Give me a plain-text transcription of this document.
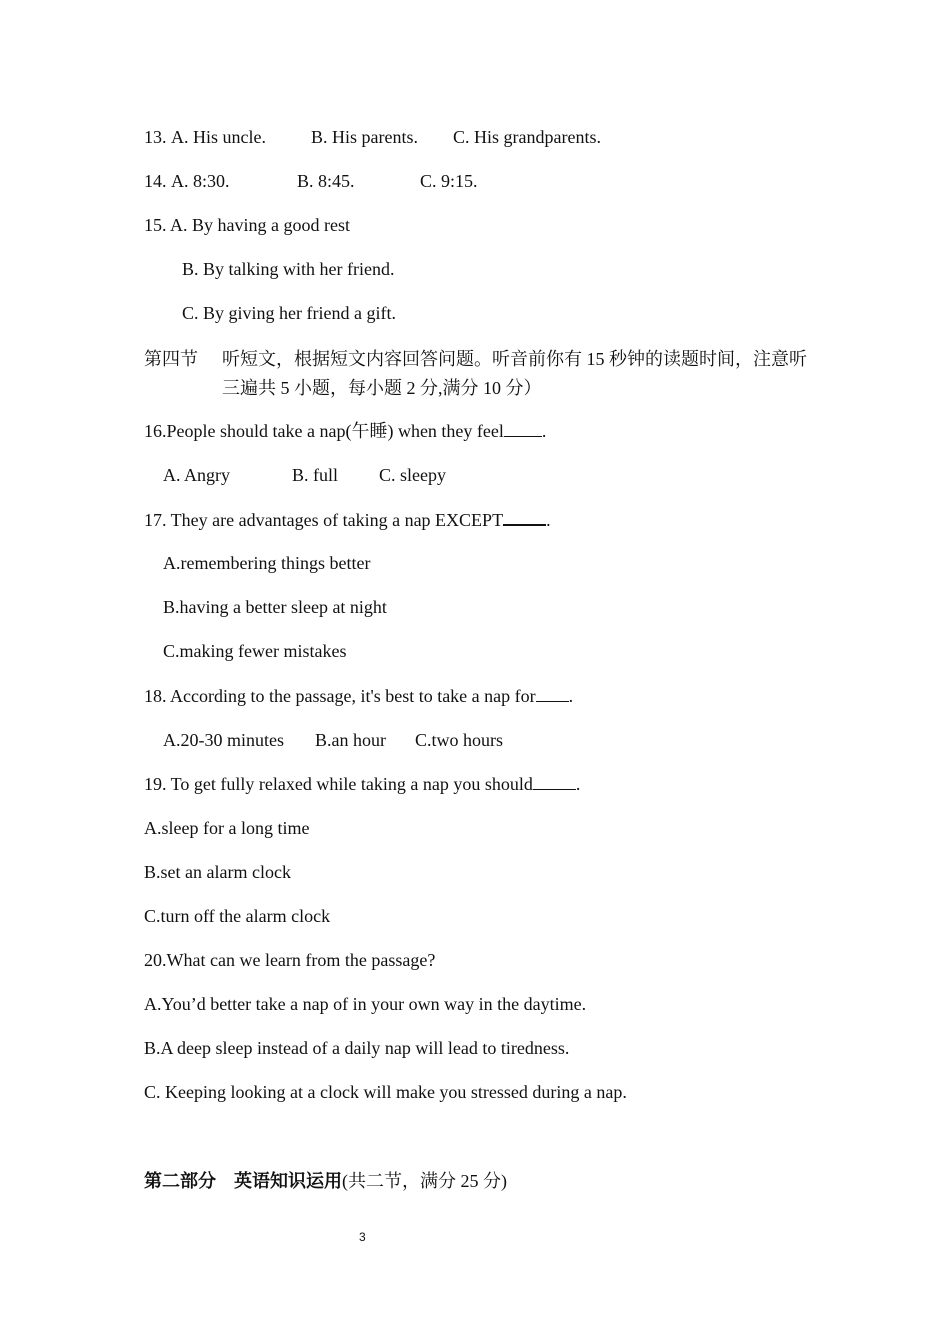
13. A. His uncle.	B. His parents. C. His grandparents.
14. A. 8:30.	B. 8:45.	C. 9:15.
15. A. By having a good rest
B. By talking with her friend.
C. By giving her friend a gift.
第四节 听短文，根据短文内容回答问题。听音前你有 15 秒钟的读题时间，注意听三遍共 5 小题，每小题 2 分,满分 10 分）
16.People should take a nap(午睡) when they feel .
A. Angry	B. full C. sleepy
17. They are advantages of taking a nap EXCEPT .
A.remembering things better
B.having a better sleep at night
C.making fewer mistakes
18. According to the passage, it's best to take a nap for .
A.20-30 minutes B.an hour C.two hours
19. To get fully relaxed while taking a nap you should .
A.sleep for a long time
B.set an alarm clock
C.turn off the alarm clock
20.What can we learn from the passage?
A.You’d better take a nap of in your own way in the daytime.
B.A deep sleep instead of a daily nap will lead to tiredness.
C. Keeping looking at a clock will make you stressed during a nap.
第二部分　英语知识运用(共二节，满分 25 分)
3
